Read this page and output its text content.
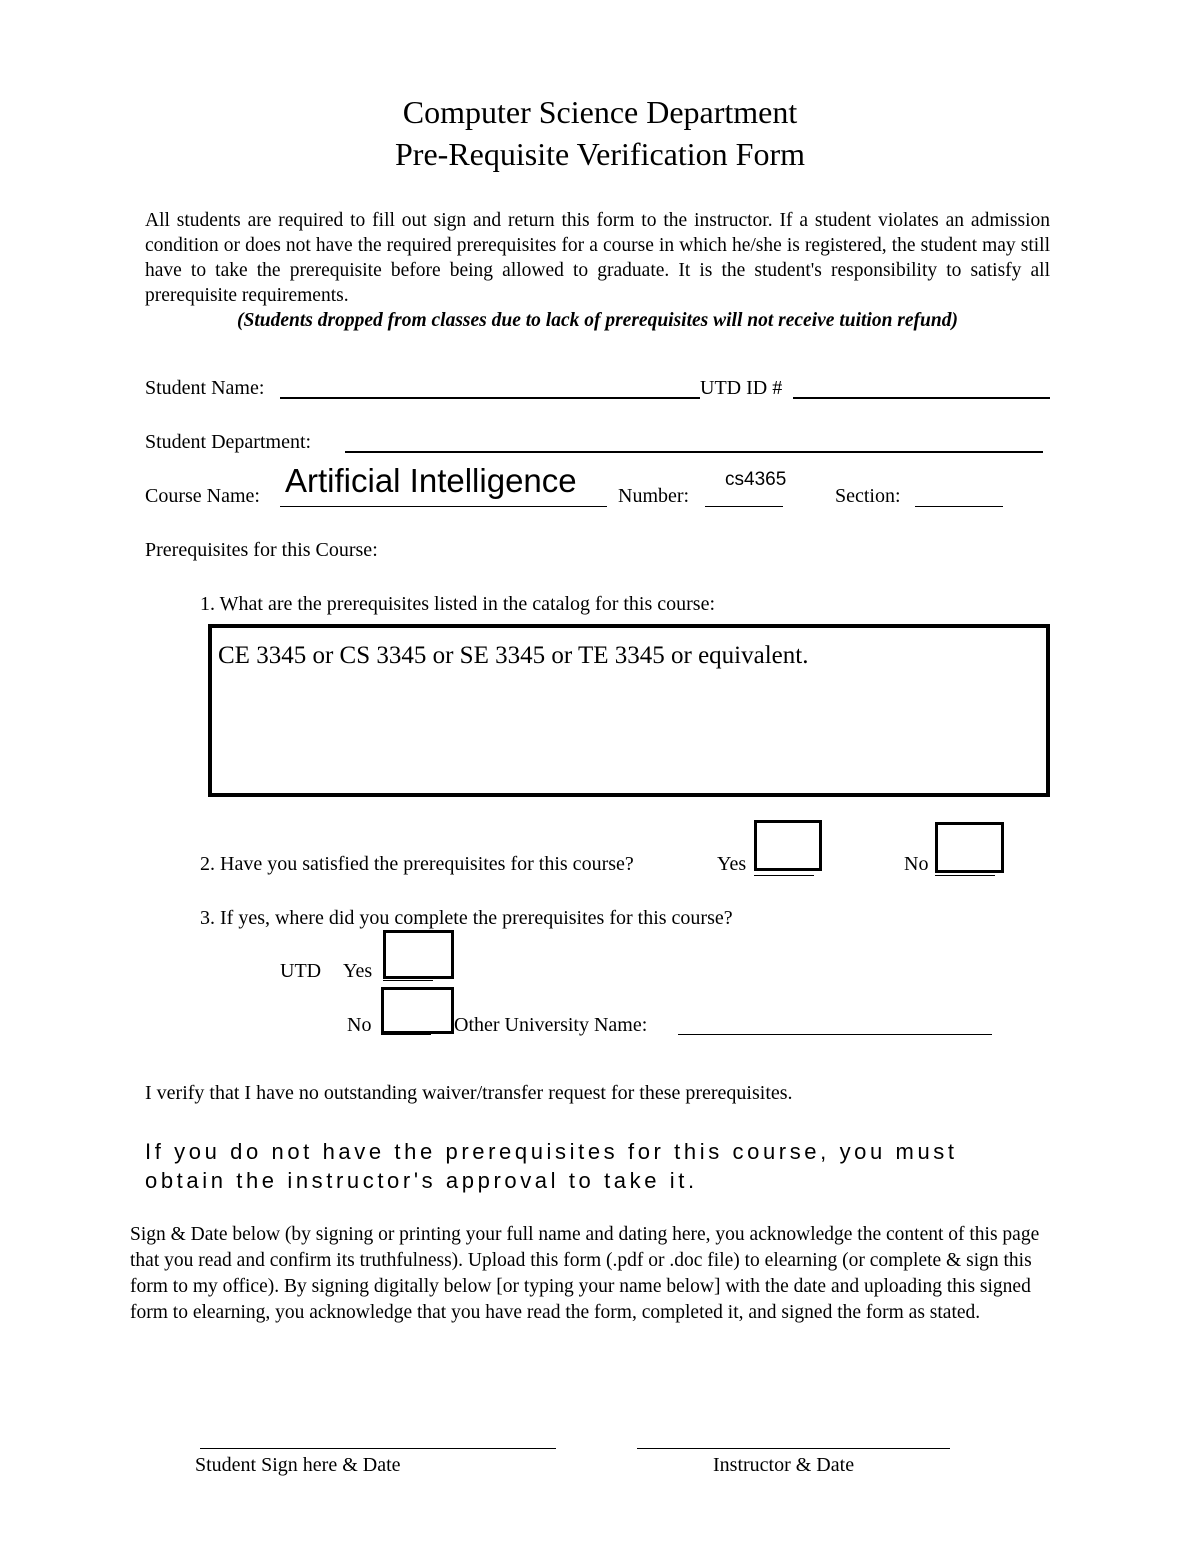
Computer Science Department
Pre-Requisite Verification Form

All students are required to fill out sign and return this form to the instructor. If a student violates an admission condition or does not have the required prerequisites for a course in which he/she is registered, the student may still have to take the prerequisite before being allowed to graduate. It is the student's responsibility to satisfy all prerequisite requirements.

(Students dropped from classes due to lack of prerequisites will not receive tuition refund)

Student Name:	UTD ID #
Student Department:
Course Name: Artificial Intelligence Number:
cs4365
Section:
Prerequisites for this Course:
1. What are the prerequisites listed in the catalog for this course:
CE 3345 or CS 3345 or SE 3345 or TE 3345 or equivalent.
2. Have you satisfied the prerequisites for this course?	Yes	No
3. If yes, where did you complete the prerequisites for this course?
UTD Yes
No	Other University Name:
I verify that I have no outstanding waiver/transfer request for these prerequisites.
If you do not have the prerequisites for this course, you must
obtain the instructor's approval to take it.
Sign & Date below (by signing or printing your full name and dating here, you acknowledge the content of this page that you read and confirm its truthfulness). Upload this form (.pdf or .doc file) to elearning (or complete & sign this form to my office). By signing digitally below [or typing your name below] with the date and uploading this signed form to elearning, you acknowledge that you have read the form, completed it, and signed the form as stated.
Student Sign here & Date	Instructor & Date
